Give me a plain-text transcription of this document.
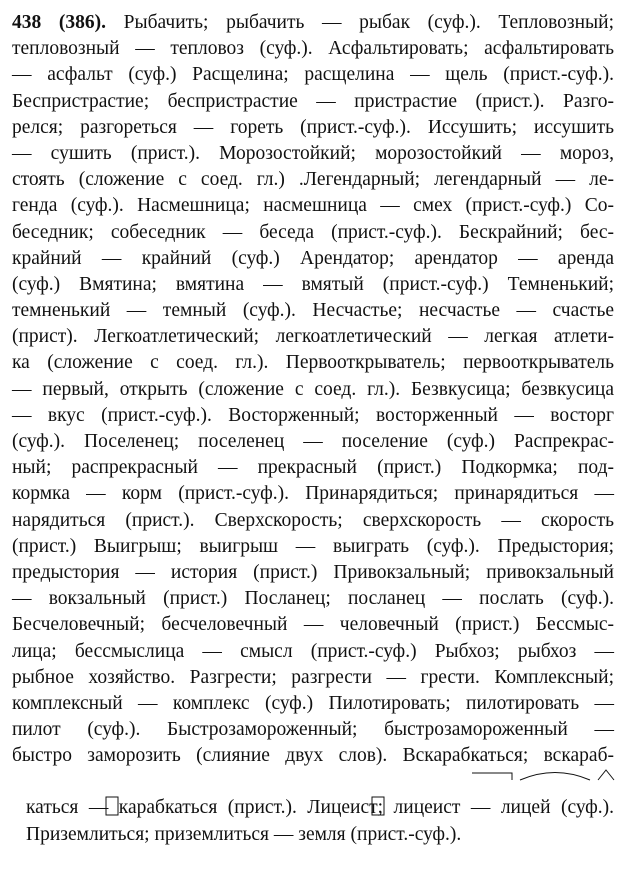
438 (386). Рыбачить; рыбачить — рыбак (суф.). Тепловозный;
тепловозный — тепловоз (суф.). Асфальтировать; асфальтировать
— асфальт (суф.) Расщелина; расщелина — щель (прист.-суф.).
Беспристрастие; беспристрастие — пристрастие (прист.). Разго-
релся; разгореться — гореть (прист.-суф.). Иссушить; иссушить
— сушить (прист.). Морозостойкий; морозостойкий — мороз,
стоять (сложение с соед. гл.) .Легендарный; легендарный — ле-
генда (суф.). Насмешница; насмешница — смех (прист.-суф.) Со-
беседник; собеседник — беседа (прист.-суф.). Бескрайний; бес-
крайний — крайний (суф.) Арендатор; арендатор — аренда
(суф.) Вмятина; вмятина — вмятый (прист.-суф.) Темненький;
темненький — темный (суф.). Несчастье; несчастье — счастье
(прист). Легкоатлетический; легкоатлетический — легкая атлети-
ка (сложение с соед. гл.). Первооткрыватель; первооткрыватель
— первый, открыть (сложение с соед. гл.). Безвкусица; безвкусица
— вкус (прист.-суф.). Восторженный; восторженный — восторг
(суф.). Поселенец; поселенец — поселение (суф.) Распрекрас-
ный; распрекрасный — прекрасный (прист.) Подкормка; под-
кормка — корм (прист.-суф.). Принарядиться; принарядиться —
нарядиться (прист.). Сверхскорость; сверхскорость — скорость
(прист.) Выигрыш; выигрыш — выиграть (суф.). Предыстория;
предыстория — история (прист.) Привокзальный; привокзальный
— вокзальный (прист.) Посланец; посланец — послать (суф.).
Бесчеловечный; бесчеловечный — человечный (прист.) Бессмыс-
лица; бессмыслица — смысл (прист.-суф.) Рыбхоз; рыбхоз —
рыбное хозяйство. Разгрести; разгрести — грести. Комплексный;
комплексный — комплекс (суф.) Пилотировать; пилотировать —
пилот (суф.). Быстрозамороженный; быстрозамороженный —
быстро заморозить (слияние двух слов). Вскарабкаться; вскараб-
каться — карабкаться (прист.). Лицеист; лицеист — лицей (суф.).
Приземлиться; приземлиться — земля (прист.-суф.).
